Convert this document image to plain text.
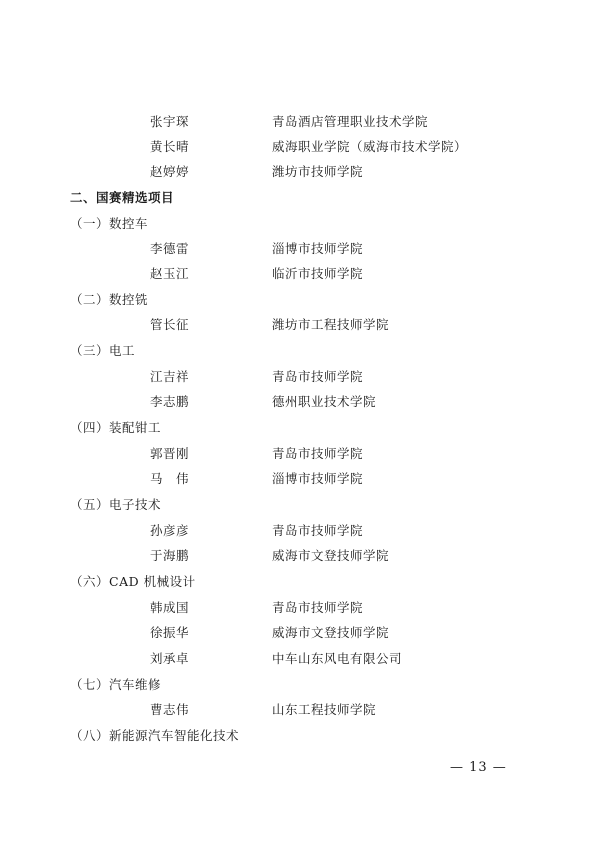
张宇琛	青岛酒店管理职业技术学院
黄长晴	威海职业学院（威海市技术学院）
赵婷婷	潍坊市技师学院
二、国赛精选项目
（一）数控车
李德雷	淄博市技师学院
赵玉江	临沂市技师学院
（二）数控铣
管长征	潍坊市工程技师学院
（三）电工
江吉祥	青岛市技师学院
李志鹏	德州职业技术学院
（四）装配钳工
郭晋刚	青岛市技师学院
马　伟	淄博市技师学院
（五）电子技术
孙彦彦	青岛市技师学院
于海鹏	威海市文登技师学院
（六）CAD 机械设计
韩成国	青岛市技师学院
徐振华	威海市文登技师学院
刘承卓	中车山东风电有限公司
（七）汽车维修
曹志伟	山东工程技师学院
（八）新能源汽车智能化技术
— 13 —
